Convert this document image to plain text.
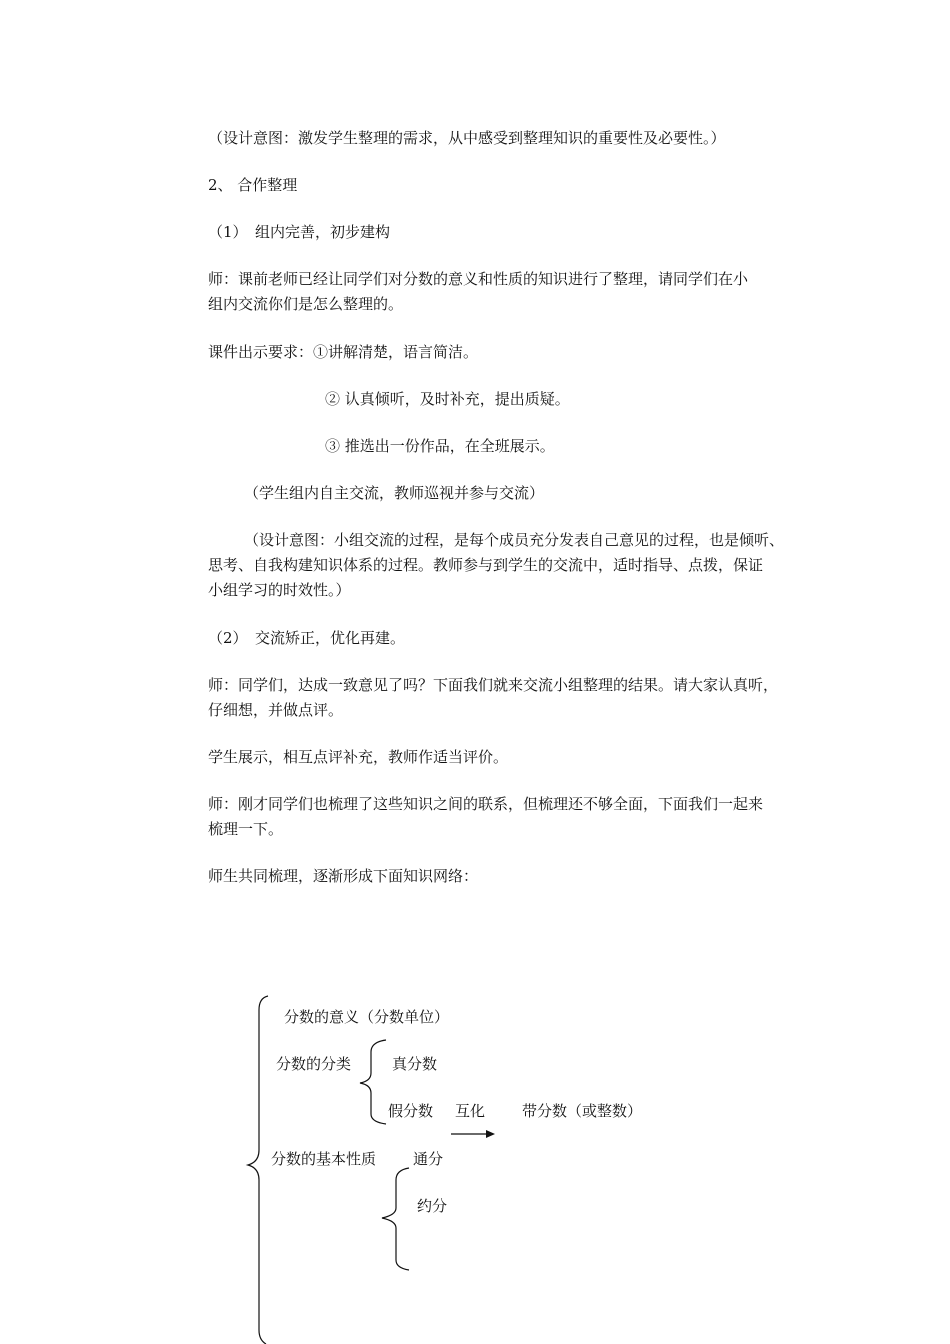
（设计意图：激发学生整理的需求，从中感受到整理知识的重要性及必要性。）
2、 合作整理
（1）　组内完善，初步建构
师：课前老师已经让同学们对分数的意义和性质的知识进行了整理，请同学们在小
组内交流你们是怎么整理的。
课件出示要求：①讲解清楚，语言简洁。
② 认真倾听，及时补充，提出质疑。
③ 推选出一份作品，在全班展示。
（学生组内自主交流，教师巡视并参与交流）
（设计意图：小组交流的过程，是每个成员充分发表自己意见的过程，也是倾听、
思考、自我构建知识体系的过程。教师参与到学生的交流中，适时指导、点拨，保证
小组学习的时效性。）
（2）　交流矫正，优化再建。
师：同学们，达成一致意见了吗？下面我们就来交流小组整理的结果。请大家认真听，
仔细想，并做点评。
学生展示，相互点评补充，教师作适当评价。
师：刚才同学们也梳理了这些知识之间的联系，但梳理还不够全面，下面我们一起来
梳理一下。
师生共同梳理，逐渐形成下面知识网络：
分数的意义（分数单位）
分数的分类	真分数
假分数 互化 带分数（或整数）
分数的基本性质 通分
约分
